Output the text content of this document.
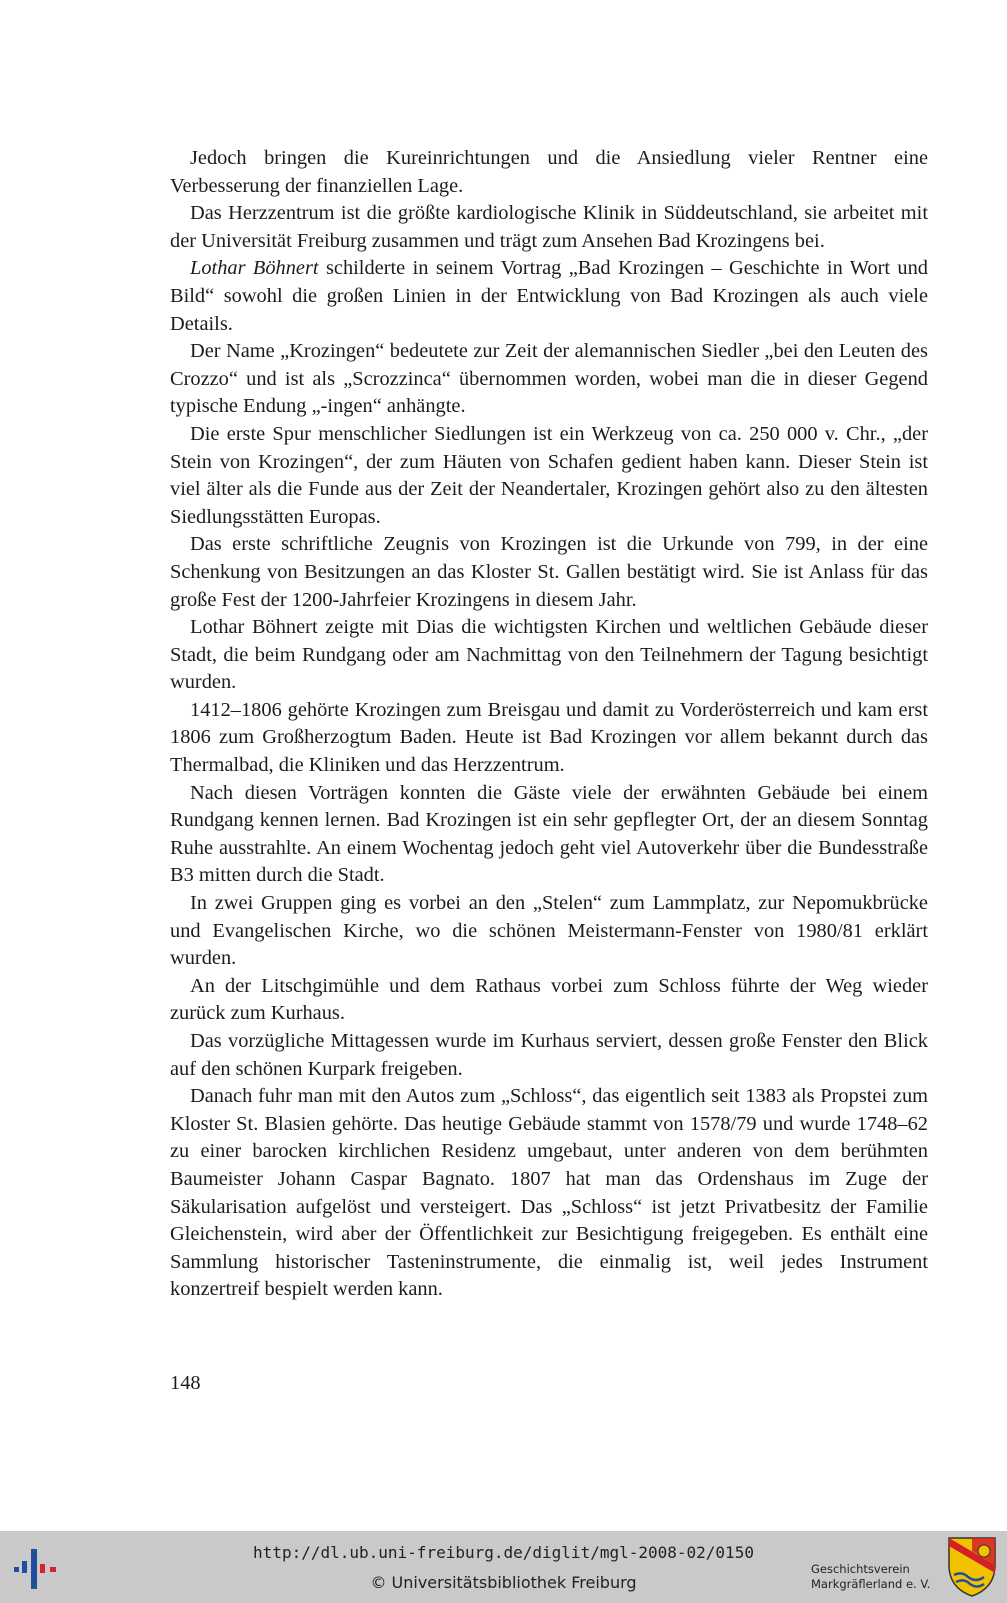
Jedoch bringen die Kureinrichtungen und die Ansiedlung vieler Rentner eine Verbesserung der finanziellen Lage.

Das Herzzentrum ist die größte kardiologische Klinik in Süddeutschland, sie arbeitet mit der Universität Freiburg zusammen und trägt zum Ansehen Bad Krozingens bei.

Lothar Böhnert schilderte in seinem Vortrag „Bad Krozingen – Geschichte in Wort und Bild“ sowohl die großen Linien in der Entwicklung von Bad Krozingen als auch viele Details.

Der Name „Krozingen“ bedeutete zur Zeit der alemannischen Siedler „bei den Leuten des Crozzo“ und ist als „Scrozzinca“ übernommen worden, wobei man die in dieser Gegend typische Endung „-ingen“ anhängte.

Die erste Spur menschlicher Siedlungen ist ein Werkzeug von ca. 250 000 v. Chr., „der Stein von Krozingen“, der zum Häuten von Schafen gedient haben kann. Dieser Stein ist viel älter als die Funde aus der Zeit der Neandertaler, Krozingen gehört also zu den ältesten Siedlungsstätten Europas.

Das erste schriftliche Zeugnis von Krozingen ist die Urkunde von 799, in der eine Schenkung von Besitzungen an das Kloster St. Gallen bestätigt wird. Sie ist Anlass für das große Fest der 1200-Jahrfeier Krozingens in diesem Jahr.

Lothar Böhnert zeigte mit Dias die wichtigsten Kirchen und weltlichen Gebäude dieser Stadt, die beim Rundgang oder am Nachmittag von den Teilnehmern der Tagung besichtigt wurden.

1412–1806 gehörte Krozingen zum Breisgau und damit zu Vorderösterreich und kam erst 1806 zum Großherzogtum Baden. Heute ist Bad Krozingen vor allem bekannt durch das Thermalbad, die Kliniken und das Herzzentrum.

Nach diesen Vorträgen konnten die Gäste viele der erwähnten Gebäude bei einem Rundgang kennen lernen. Bad Krozingen ist ein sehr gepflegter Ort, der an diesem Sonntag Ruhe ausstrahlte. An einem Wochentag jedoch geht viel Autoverkehr über die Bundesstraße B3 mitten durch die Stadt.

In zwei Gruppen ging es vorbei an den „Stelen“ zum Lammplatz, zur Nepomukbrücke und Evangelischen Kirche, wo die schönen Meistermann-Fenster von 1980/81 erklärt wurden.

An der Litschgimühle und dem Rathaus vorbei zum Schloss führte der Weg wieder zurück zum Kurhaus.

Das vorzügliche Mittagessen wurde im Kurhaus serviert, dessen große Fenster den Blick auf den schönen Kurpark freigeben.

Danach fuhr man mit den Autos zum „Schloss“, das eigentlich seit 1383 als Propstei zum Kloster St. Blasien gehörte. Das heutige Gebäude stammt von 1578/79 und wurde 1748–62 zu einer barocken kirchlichen Residenz umgebaut, unter anderen von dem berühmten Baumeister Johann Caspar Bagnato. 1807 hat man das Ordenshaus im Zuge der Säkularisation aufgelöst und versteigert. Das „Schloss“ ist jetzt Privatbesitz der Familie Gleichenstein, wird aber der Öffentlichkeit zur Besichtigung freigegeben. Es enthält eine Sammlung historischer Tasteninstrumente, die einmalig ist, weil jedes Instrument konzertreif bespielt werden kann.

148
http://dl.ub.uni-freiburg.de/diglit/mgl-2008-02/0150
© Universitätsbibliothek Freiburg
Geschichtsverein
Markgräflerland e. V.
